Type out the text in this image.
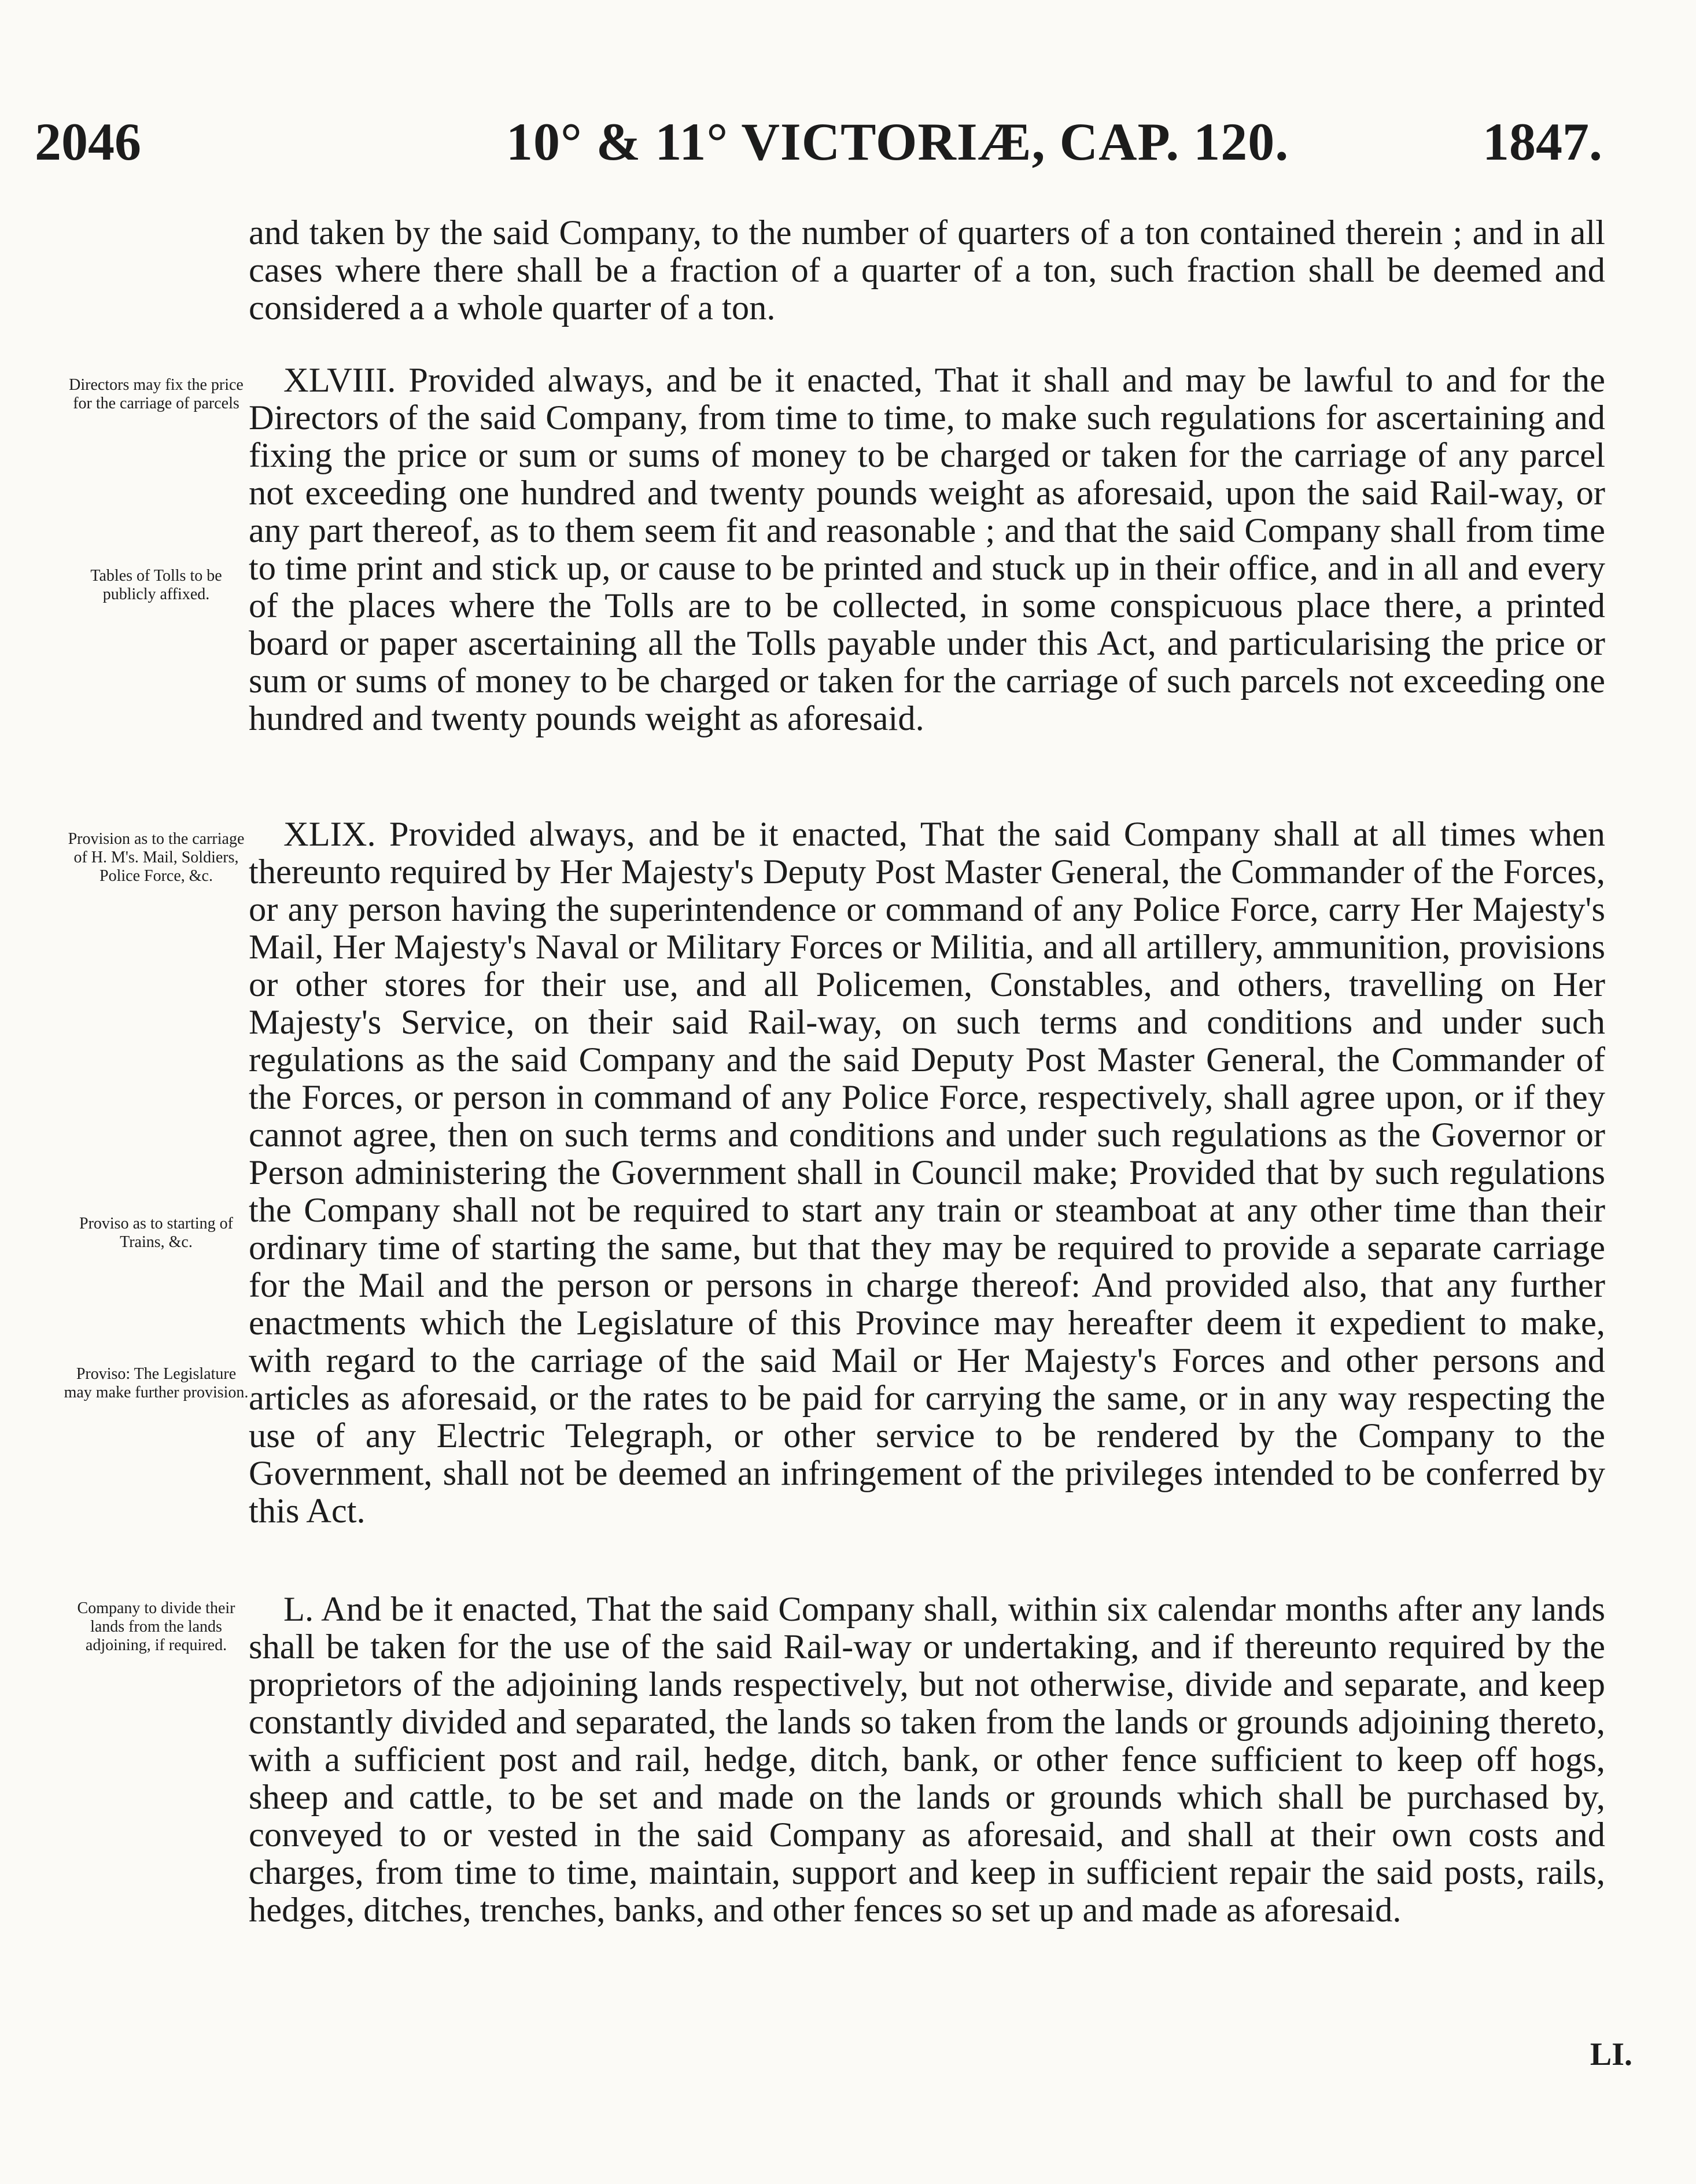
2046	10° & 11° VICTORIÆ, CAP. 120.	1847.

and taken by the said Company, to the number of quarters of a ton contained therein ; and in all cases where there shall be a fraction of a quarter of a ton, such fraction shall be deemed and considered a a whole quarter of a ton.

XLVIII. Provided always, and be it enacted, That it shall and may be lawful to and for the Directors of the said Company, from time to time, to make such regulations for ascertaining and fixing the price or sum or sums of money to be charged or taken for the carriage of any parcel not exceeding one hundred and twenty pounds weight as aforesaid, upon the said Rail-way, or any part thereof, as to them seem fit and reasonable ; and that the said Company shall from time to time print and stick up, or cause to be printed and stuck up in their office, and in all and every of the places where the Tolls are to be collected, in some conspicuous place there, a printed board or paper ascertaining all the Tolls payable under this Act, and particularising the price or sum or sums of money to be charged or taken for the carriage of such parcels not exceeding one hundred and twenty pounds weight as aforesaid.

XLIX. Provided always, and be it enacted, That the said Company shall at all times when thereunto required by Her Majesty's Deputy Post Master General, the Commander of the Forces, or any person having the superintendence or command of any Police Force, carry Her Majesty's Mail, Her Majesty's Naval or Military Forces or Militia, and all artillery, ammunition, provisions or other stores for their use, and all Policemen, Constables, and others, travelling on Her Majesty's Service, on their said Rail-way, on such terms and conditions and under such regulations as the said Company and the said Deputy Post Master General, the Commander of the Forces, or person in command of any Police Force, respectively, shall agree upon, or if they cannot agree, then on such terms and conditions and under such regulations as the Governor or Person administering the Government shall in Council make; Provided that by such regulations the Company shall not be required to start any train or steamboat at any other time than their ordinary time of starting the same, but that they may be required to provide a separate carriage for the Mail and the person or persons in charge thereof: And provided also, that any further enactments which the Legislature of this Province may hereafter deem it expedient to make, with regard to the carriage of the said Mail or Her Majesty's Forces and other persons and articles as aforesaid, or the rates to be paid for carrying the same, or in any way respecting the use of any Electric Telegraph, or other service to be rendered by the Company to the Government, shall not be deemed an infringement of the privileges intended to be conferred by this Act.

L. And be it enacted, That the said Company shall, within six calendar months after any lands shall be taken for the use of the said Rail-way or undertaking, and if thereunto required by the proprietors of the adjoining lands respectively, but not otherwise, divide and separate, and keep constantly divided and separated, the lands so taken from the lands or grounds adjoining thereto, with a sufficient post and rail, hedge, ditch, bank, or other fence sufficient to keep off hogs, sheep and cattle, to be set and made on the lands or grounds which shall be purchased by, conveyed to or vested in the said Company as aforesaid, and shall at their own costs and charges, from time to time, maintain, support and keep in sufficient repair the said posts, rails, hedges, ditches, trenches, banks, and other fences so set up and made as aforesaid.

Directors may fix the price for the carriage of parcels
Tables of Tolls to be publicly affixed.
Provision as to the carriage of H. M's. Mail, Soldiers, Police Force, &c.
Proviso as to starting of Trains, &c.
Proviso: The Legislature may make further provision.
Company to divide their lands from the lands adjoining, if required.
LI.
